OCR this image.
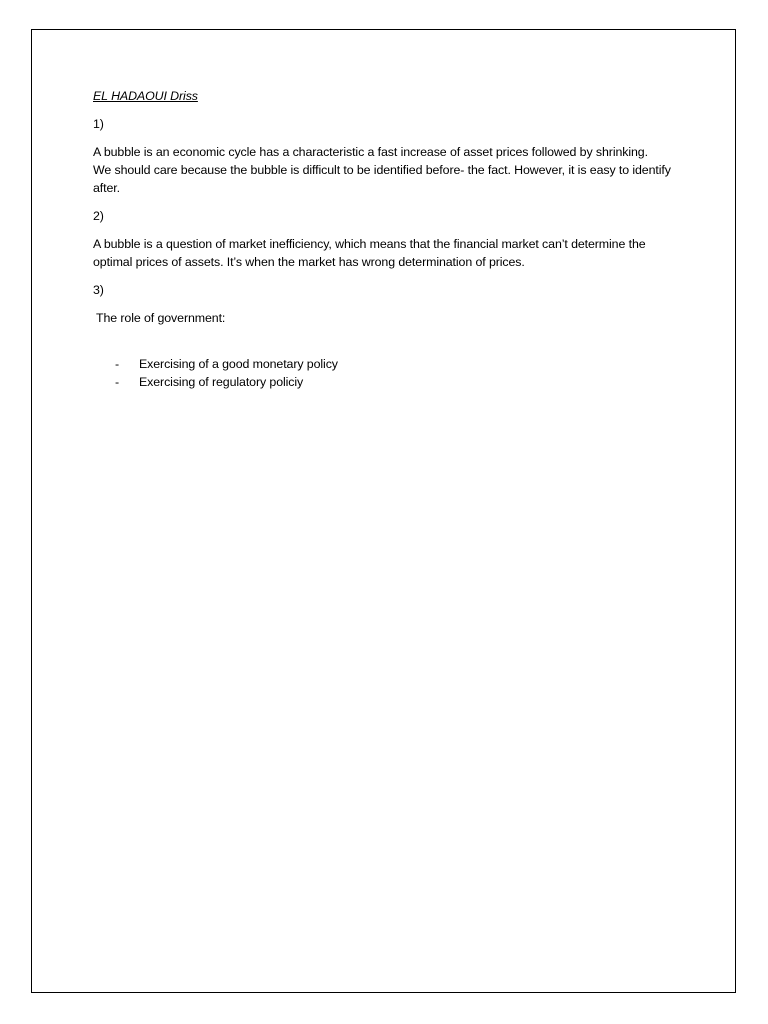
EL HADAOUI Driss

1)

A bubble is an economic cycle has a characteristic a fast increase of asset prices followed by shrinking.

We should care because the bubble is difficult to be identified before- the fact. However, it is easy to identify after.

2)

A bubble is a question of market inefficiency, which means that the financial market can’t determine the optimal prices of assets. It’s when the market has wrong determination of prices.

3)

The role of government:

- Exercising of a good monetary policy
- Exercising of regulatory policiy
